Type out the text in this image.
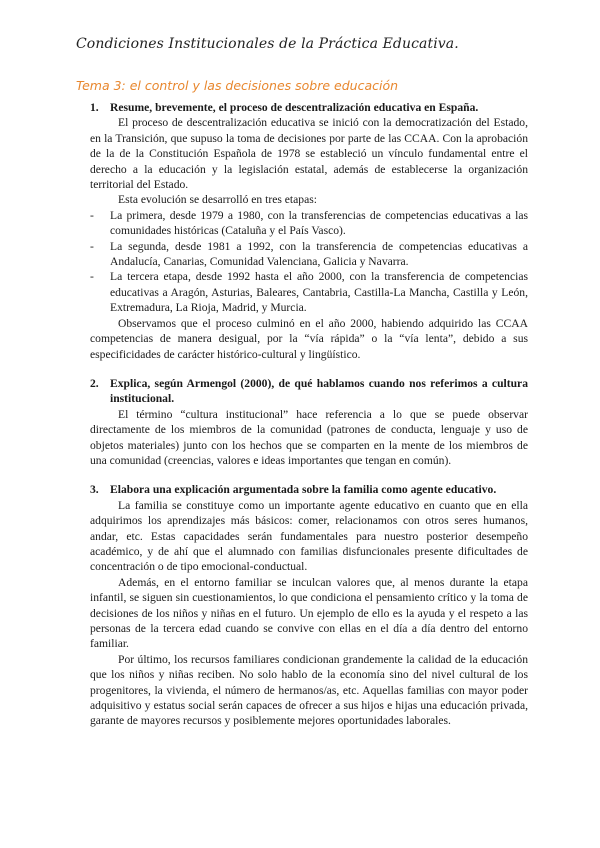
Condiciones Institucionales de la Práctica Educativa.
Tema 3: el control y las decisiones sobre educación
1. Resume, brevemente, el proceso de descentralización educativa en España.

El proceso de descentralización educativa se inició con la democratización del Estado, en la Transición, que supuso la toma de decisiones por parte de las CCAA. Con la aprobación de la de la Constitución Española de 1978 se estableció un vínculo fundamental entre el derecho a la educación y la legislación estatal, además de establecerse la organización territorial del Estado.

Esta evolución se desarrolló en tres etapas:

-	La primera, desde 1979 a 1980, con la transferencias de competencias educativas a las comunidades históricas (Cataluña y el País Vasco).
-	La segunda, desde 1981 a 1992, con la transferencia de competencias educativas a Andalucía, Canarias, Comunidad Valenciana, Galicia y Navarra.
-	La tercera etapa, desde 1992 hasta el año 2000, con la transferencia de competencias educativas a Aragón, Asturias, Baleares, Cantabria, Castilla-La Mancha, Castilla y León, Extremadura, La Rioja, Madrid, y Murcia.

Observamos que el proceso culminó en el año 2000, habiendo adquirido las CCAA competencias de manera desigual, por la “vía rápida” o la “vía lenta”, debido a sus especificidades de carácter histórico-cultural y lingüístico.

2. Explica, según Armengol (2000), de qué hablamos cuando nos referimos a cultura institucional.

El término “cultura institucional” hace referencia a lo que se puede observar directamente de los miembros de la comunidad (patrones de conducta, lenguaje y uso de objetos materiales) junto con los hechos que se comparten en la mente de los miembros de una comunidad (creencias, valores e ideas importantes que tengan en común).

3. Elabora una explicación argumentada sobre la familia como agente educativo.

La familia se constituye como un importante agente educativo en cuanto que en ella adquirimos los aprendizajes más básicos: comer, relacionamos con otros seres humanos, andar, etc. Estas capacidades serán fundamentales para nuestro posterior desempeño académico, y de ahí que el alumnado con familias disfuncionales presente dificultades de concentración o de tipo emocional-conductual.

Además, en el entorno familiar se inculcan valores que, al menos durante la etapa infantil, se siguen sin cuestionamientos, lo que condiciona el pensamiento crítico y la toma de decisiones de los niños y niñas en el futuro. Un ejemplo de ello es la ayuda y el respeto a las personas de la tercera edad cuando se convive con ellas en el día a día dentro del entorno familiar.

Por último, los recursos familiares condicionan grandemente la calidad de la educación que los niños y niñas reciben. No solo hablo de la economía sino del nivel cultural de los progenitores, la vivienda, el número de hermanos/as, etc. Aquellas familias con mayor poder adquisitivo y estatus social serán capaces de ofrecer a sus hijos e hijas una educación privada, garante de mayores recursos y posiblemente mejores oportunidades laborales.
